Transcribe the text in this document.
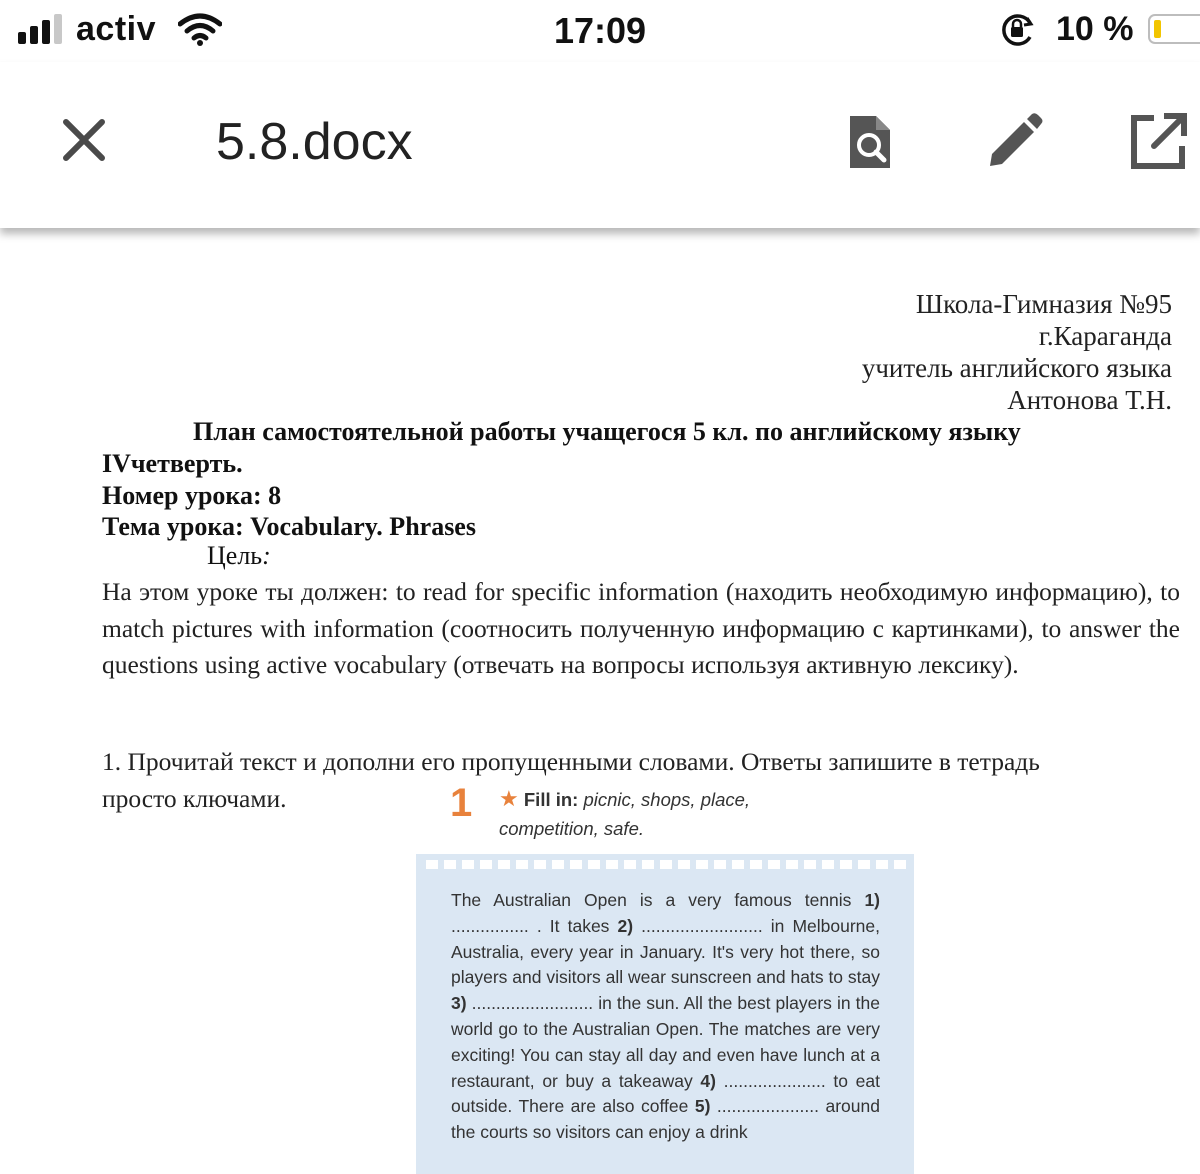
activ	17:09	10 %
5.8.docx
Школа-Гимназия №95
г.Караганда
учитель английского языка
Антонова Т.Н.
План самостоятельной работы учащегося 5 кл. по английскому языку
IVчетверть.
Номер урока: 8
Тема урока: Vocabulary. Phrases
Цель:
На этом уроке ты должен: to read for specific information (находить необходимую информацию), to match pictures with information (соотносить полученную информацию с картинками), to answer the questions using active vocabulary (отвечать на вопросы используя активную лексику).
1. Прочитай текст и дополни его пропущенными словами. Ответы запишите в тетрадь
просто ключами.	1 ★ Fill in: picnic, shops, place, competition, safe.
The Australian Open is a very famous tennis 1) ................ . It takes 2) ......................... in Melbourne, Australia, every year in January. It's very hot there, so players and visitors all wear sunscreen and hats to stay 3) ......................... in the sun. All the best players in the world go to the Australian Open. The matches are very exciting! You can stay all day and even have lunch at a restaurant, or buy a takeaway 4) ..................... to eat outside. There are also coffee 5) ..................... around the courts so visitors can enjoy a drink
